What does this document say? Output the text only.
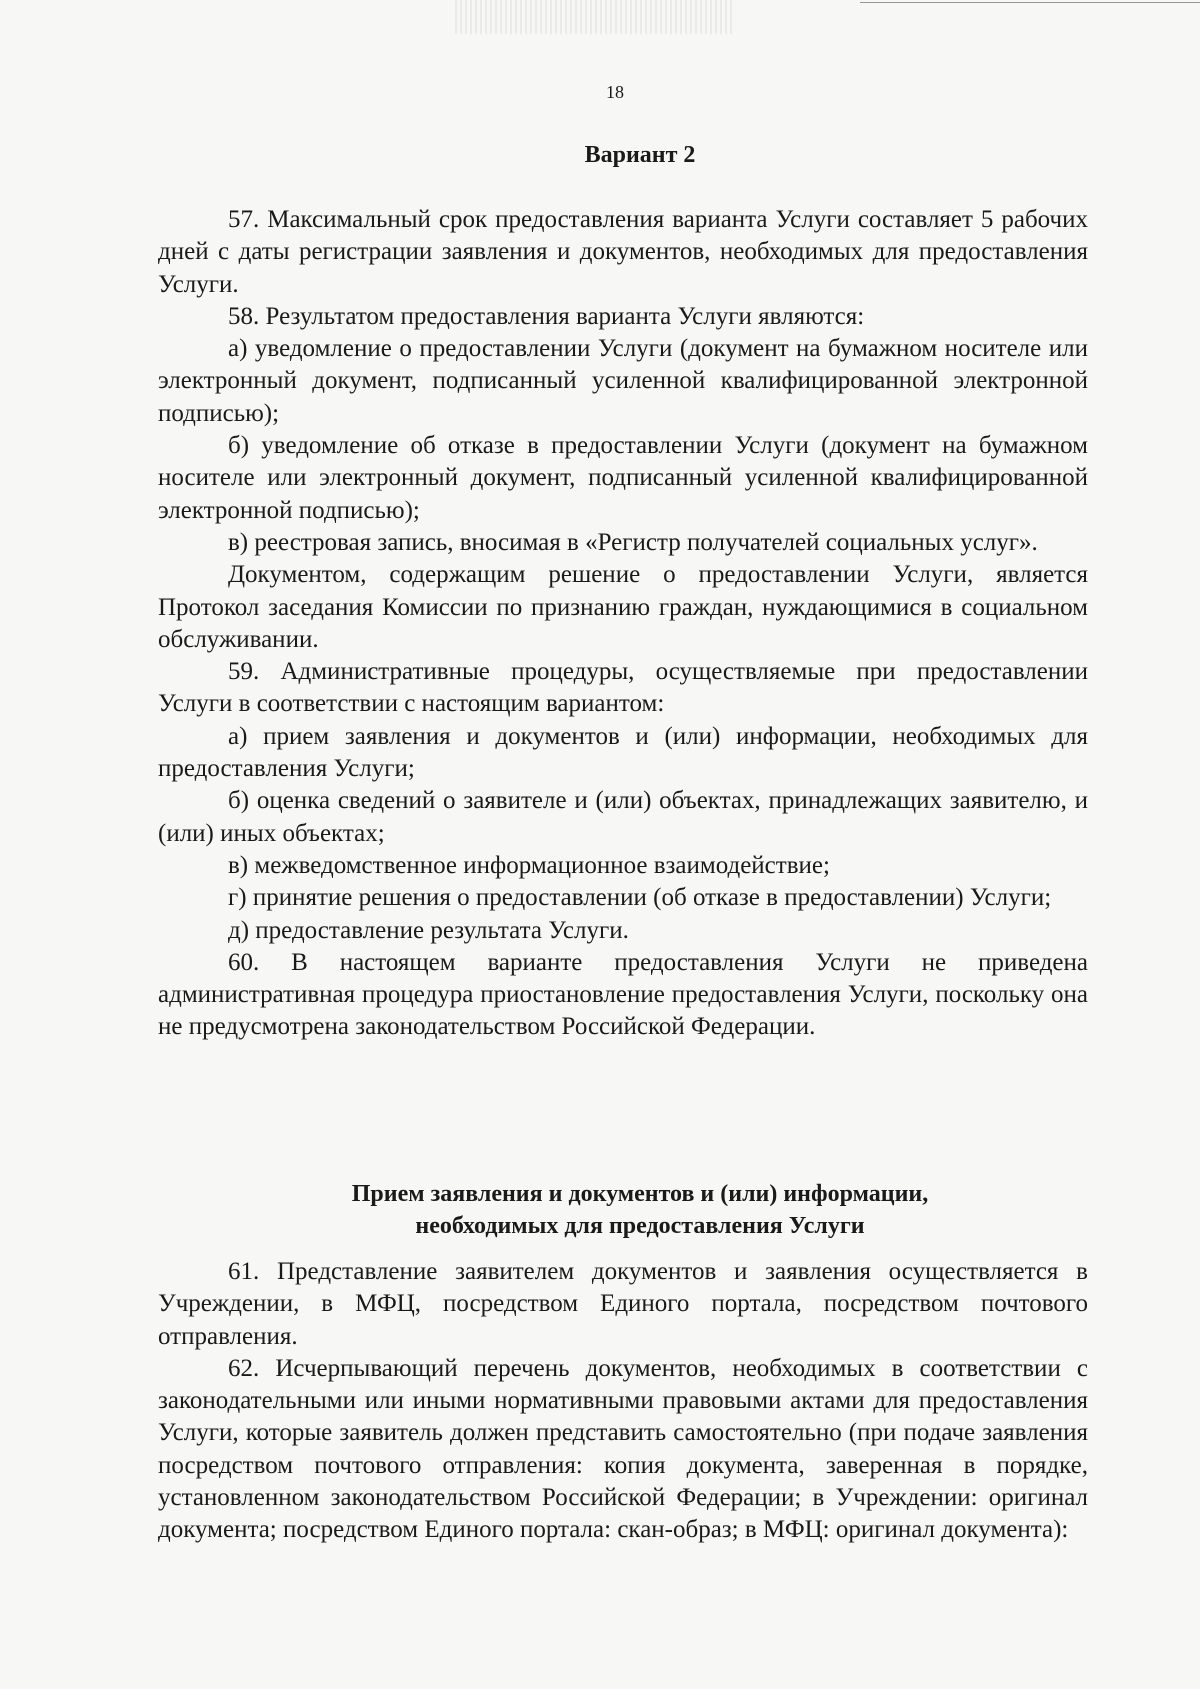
18
Вариант 2

57. Максимальный срок предоставления варианта Услуги составляет 5 рабочих дней с даты регистрации заявления и документов, необходимых для предоставления Услуги.

58. Результатом предоставления варианта Услуги являются:

а) уведомление о предоставлении Услуги (документ на бумажном носителе или электронный документ, подписанный усиленной квалифицированной электронной подписью);

б) уведомление об отказе в предоставлении Услуги (документ на бумажном носителе или электронный документ, подписанный усиленной квалифицированной электронной подписью);

в) реестровая запись, вносимая в «Регистр получателей социальных услуг».

Документом, содержащим решение о предоставлении Услуги, является Протокол заседания Комиссии по признанию граждан, нуждающимися в социальном обслуживании.

59. Административные процедуры, осуществляемые при предоставлении Услуги в соответствии с настоящим вариантом:

а) прием заявления и документов и (или) информации, необходимых для предоставления Услуги;

б) оценка сведений о заявителе и (или) объектах, принадлежащих заявителю, и (или) иных объектах;

в) межведомственное информационное взаимодействие;

г) принятие решения о предоставлении (об отказе в предоставлении) Услуги;

д) предоставление результата Услуги.

60. В настоящем варианте предоставления Услуги не приведена административная процедура приостановление предоставления Услуги, поскольку она не предусмотрена законодательством Российской Федерации.

Прием заявления и документов и (или) информации,
необходимых для предоставления Услуги

61. Представление заявителем документов и заявления осуществляется в Учреждении, в МФЦ, посредством Единого портала, посредством почтового отправления.

62. Исчерпывающий перечень документов, необходимых в соответствии с законодательными или иными нормативными правовыми актами для предоставления Услуги, которые заявитель должен представить самостоятельно (при подаче заявления посредством почтового отправления: копия документа, заверенная в порядке, установленном законодательством Российской Федерации; в Учреждении: оригинал документа; посредством Единого портала: скан-образ; в МФЦ: оригинал документа):
